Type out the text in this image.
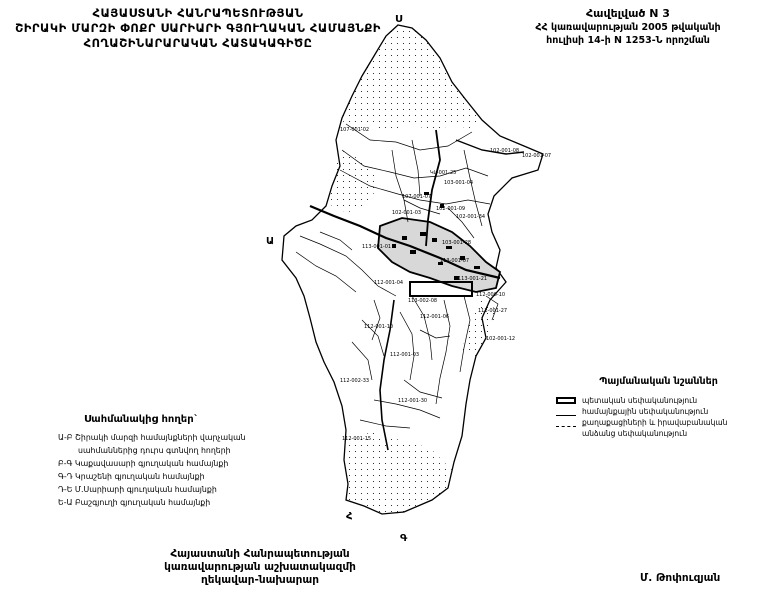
ՀԱՅԱՍՏԱՆԻ ՀԱՆՐԱՊԵՏՈՒԹՅԱՆ
ՇԻՐԱԿԻ ՄԱՐԶԻ ՓՈՔՐ ՍԱՐԻԱՐԻ ԳՅՈՒՂԱԿԱՆ ՀԱՄԱՅՆՔԻ
ՀՈՂԱՇԻՆԱՐԱՐԱԿԱՆ ՀԱՏԱԿԱԳԻԾԸ
Հավելված N 3
ՀՀ կառավարության 2005 թվականի
հուլիսի 14-ի N 1253-Ն որոշման
107-001-02
102-001-08
102-001-07
Կկ-001-25
103-001-04
107-001-07
102-001-09
102-001-34
102-001-03
103-001-28
113-001-01
113-001-07
113-001-21
113-002-08
112-000-10
112-001-27
102-001-12
112-001-04
112-001-06
112-001-10
112-001-03
112-002-33
112-001-30
112-001-15
Ս
Ա
Հ
Գ
Սահմանակից հողեր`
Ա-Բ Շիրակի մարզի համայնքների վարչական
սահմաններից դուրս գտնվող հողերի
Բ-Գ Կաքավասարի գյուղական համայնքի
Գ-Դ Կրաշենի գյուղական համայնքի
Դ-Ե Մ.Սարիարի գյուղական համայնքի
Ե-Ա Բաշգյուղի գյուղական համայնքի
Պայմանական նշաններ
պետական սեփականություն
համայնքային սեփականություն
քաղաքացիների և իրավաբանական
անձանց սեփականություն
Հայաստանի Հանրապետության
կառավարության աշխատակազմի
ղեկավար-նախարար	Մ. Թոփուզյան
